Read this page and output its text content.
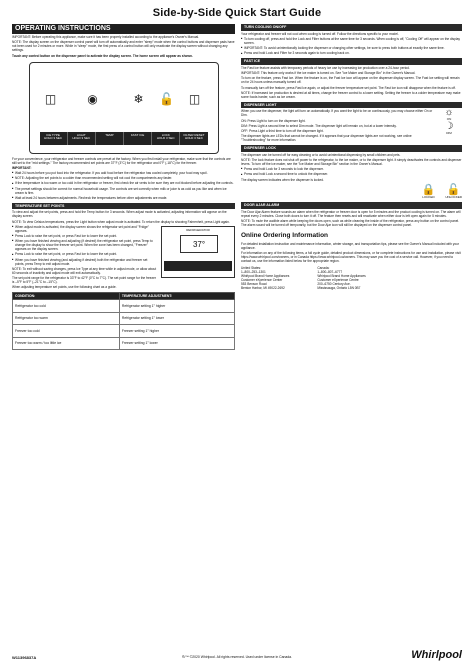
Side-by-Side Quick Start Guide
OPERATING INSTRUCTIONS

IMPORTANT: Before operating this appliance, make sure it has been properly installed according to the appliance's Owner's Manual.

NOTE: The display screen on the dispenser control panel will turn off automatically and enter "sleep" mode when the control buttons and dispenser pads have not been used for 2 minutes or more. While in "sleep" mode, the first press of a control button will only reactivate the display screen without changing any settings.

Touch any control button on the dispenser panel to activate the display screen. The home screen will appear as shown.

◫	◉	❄ 🔓 ◫
ICE TYPE
HOLD 3 SEC
LIGHT
HOLD 3 SEC
TEMP	FAST ICE	LOCK
HOLD 3 SEC
FILTER RESET
HOLD 3 SEC

For your convenience, your refrigerator and freezer controls are preset at the factory. When you first install your refrigerator, make sure that the controls are still set to the "mid settings." The factory-recommended set points are 37°F (3°C) for the refrigerator and 0°F (-18°C) for the freezer.

IMPORTANT:

■ Wait 24 hours before you put food into the refrigerator. If you add food before the refrigerator has cooled completely, your food may spoil.
■ NOTE: Adjusting the set points to a colder than recommended setting will not cool the compartments any faster.
■ If the temperature is too warm or too cold in the refrigerator or freezer, first check the air vents to be sure they are not blocked before adjusting the controls.
■ The preset settings should be correct for normal household usage. The controls are set correctly when milk or juice is as cold as you like and when ice cream is firm.
■ Wait at least 24 hours between adjustments. Recheck the temperatures before other adjustments are made.
TEMPERATURE SET POINTS

To view and adjust the set points, press and hold the Temp button for 3 seconds. When adjust mode is activated, adjusting information will appear on the display screen.

NOTE: To view Celsius temperatures, press the Light button when adjust mode is activated. To return the display to showing Fahrenheit, press Light again.

REFRIGERATOR
37°
■ When adjust mode is activated, the display screen shows the refrigerator set point and "Fridge" appears.
■ Press Lock to raise the set point, or press Fast Ice to lower the set point.
■ When you have finished viewing and adjusting (if desired) the refrigerator set point, press Temp to change the display to show the freezer set point. When the zone has been changed, "Freezer" appears on the display screen.
■ Press Lock to raise the set point, or press Fast Ice to lower the set point.
■ When you have finished viewing (and adjusting if desired) both the refrigerator and freezer set points, press Temp to exit adjust mode.

NOTE: To exit without saving changes, press Ice Type at any time while in adjust mode, or allow about 60 seconds of inactivity and adjust mode will exit automatically.

The set point range for the refrigerator is 33°F to 42°F (0°C to 7°C). The set point range for the freezer is –5°F to 5°F (–21°C to –15°C).

When adjusting temperature set points, use the following chart as a guide.

CONDITION:	TEMPERATURE ADJUSTMENT:
Refrigerator too cold	Refrigerator setting 1° higher
Refrigerator too warm	Refrigerator setting 1° lower
Freezer too cold	Freezer setting 1° higher
Freezer too warm / too little ice	Freezer setting 1° lower
TURN COOLING ON/OFF

Your refrigerator and freezer will not cool when cooling is turned off. Follow the directions specific to your model.

■ To turn cooling off, press and hold the Lock and Filter buttons at the same time for 3 seconds. When cooling is off, "Cooling Off" will appear on the display screen.
■ IMPORTANT: To avoid unintentionally locking the dispenser or changing other settings, be sure to press both buttons at exactly the same time.
■ Press and hold Lock and Filter for 3 seconds again to turn cooling back on.
FAST ICE

The Fast Ice feature assists with temporary periods of heavy ice use by increasing ice production over a 24-hour period.

IMPORTANT: This feature only works if the ice maker is turned on. See "Ice Maker and Storage Bin" in the Owner's Manual.

To turn on the feature, press Fast Ice. When the feature is on, the Fast Ice icon will appear on the dispenser display screen. The Fast Ice setting will remain on for 24 hours unless manually turned off.

To manually turn off the feature, press Fast Ice again, or adjust the freezer temperature set point. The Fast Ice icon will disappear when the feature is off.

NOTE: If increased ice production is desired at all times, change the freezer control to a lower setting. Setting the freezer to a colder temperature may make some foods harder, such as ice cream.

DISPENSER LIGHT
☼
ON
☽
DIM

When you use the dispenser, the light will turn on automatically. If you want the light to be on continuously, you may choose either On or Dim.

ON: Press Light to turn on the dispenser light.

DIM: Press Light a second time to select Dim mode. The dispenser light will remain on, but at a lower intensity.

OFF: Press Light a third time to turn off the dispenser light.

The dispenser lights are LEDs that cannot be changed. If it appears that your dispenser lights are not working, see online "Troubleshooting" for more information.

DISPENSER LOCK

The dispenser can be turned off for easy cleaning or to avoid unintentional dispensing by small children and pets.

NOTE: The lock feature does not shut off power to the refrigerator, to the ice maker, or to the dispenser light. It simply deactivates the controls and dispenser levers. To turn off the ice maker, see the "Ice Maker and Storage Bin" section in the Owner's Manual.

■ Press and hold Lock for 3 seconds to lock the dispenser.
■ Press and hold Lock a second time to unlock the dispenser.

The display screen indicates when the dispenser is locked.

🔒
LOCKED
🔓
UNLOCKED
DOOR AJAR ALARM

The Door Ajar Alarm feature sounds an alarm when the refrigerator or freezer door is open for 5 minutes and the product cooling is turned on. The alarm will repeat every 2 minutes. Close both doors to turn it off. The feature then resets and will reactivate when either door is left open again for 5 minutes.

NOTE: To mute the audible alarm while keeping the doors open, such as while cleaning the inside of the refrigerator, press any button on the control panel. The alarm sound will be turned off temporarily, but the Door Ajar icon will still be displayed on the dispenser control panel.

Online Ordering Information

For detailed installation instruction and maintenance information, winter storage, and transportation tips, please see the Owner's Manual included with your appliance.

For information on any of the following items, a full cycle guide, detailed product dimensions, or for complete instructions for use and installation, please visit https://www.whirlpool.com/owners, or in Canada https://www.whirlpool.ca/owners. This may save you the cost of a service call. However, if you need to contact us, use the information listed below for the appropriate region.

United States:
1–800–253–1301
Whirlpool Brand Home Appliances
Customer eXperience Center
553 Benson Road
Benton Harbor, MI 49022-2692
Canada:
1–800–807–6777
Whirlpool Brand Home Appliances
Customer eXperience Centre
200–6750 Century Ave.
Mississauga, Ontario L5N 0B7
W11396837A	®/™ ©2020 Whirlpool. All rights reserved. Used under license in Canada.	Whirlpool
